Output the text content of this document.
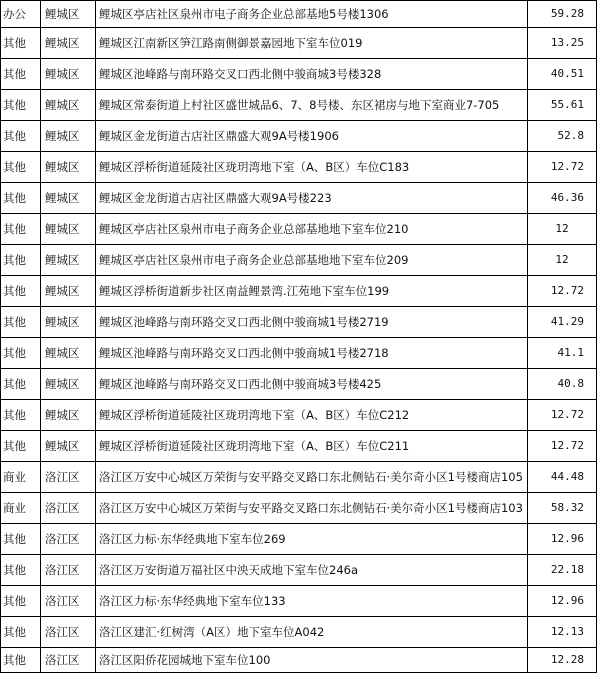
办公	鲤城区	鲤城区亭店社区泉州市电子商务企业总部基地5号楼1306	59.28
其他	鲤城区	鲤城区江南新区笋江路南侧御景嘉园地下室车位019	13.25
其他	鲤城区	鲤城区池峰路与南环路交叉口西北侧中骏商城3号楼328	40.51
其他	鲤城区	鲤城区常泰街道上村社区盛世城品6、7、8号楼、东区裙房与地下室商业7-705	55.61
其他	鲤城区	鲤城区金龙街道古店社区鼎盛大观9A号楼1906	52.8
其他	鲤城区	鲤城区浮桥街道延陵社区珑玥湾地下室（A、B区）车位C183	12.72
其他	鲤城区	鲤城区金龙街道古店社区鼎盛大观9A号楼223	46.36
其他	鲤城区	鲤城区亭店社区泉州市电子商务企业总部基地地下室车位210	12
其他	鲤城区	鲤城区亭店社区泉州市电子商务企业总部基地地下室车位209	12
其他	鲤城区	鲤城区浮桥街道新步社区南益鲤景湾.江苑地下室车位199	12.72
其他	鲤城区	鲤城区池峰路与南环路交叉口西北侧中骏商城1号楼2719	41.29
其他	鲤城区	鲤城区池峰路与南环路交叉口西北侧中骏商城1号楼2718	41.1
其他	鲤城区	鲤城区池峰路与南环路交叉口西北侧中骏商城3号楼425	40.8
其他	鲤城区	鲤城区浮桥街道延陵社区珑玥湾地下室（A、B区）车位C212	12.72
其他	鲤城区	鲤城区浮桥街道延陵社区珑玥湾地下室（A、B区）车位C211	12.72
商业	洛江区	洛江区万安中心城区万荣街与安平路交叉路口东北侧钻石·美尔奇小区1号楼商店105	44.48
商业	洛江区	洛江区万安中心城区万荣街与安平路交叉路口东北侧钻石·美尔奇小区1号楼商店103	58.32
其他	洛江区	洛江区力标·东华经典地下室车位269	12.96
其他	洛江区	洛江区万安街道万福社区中泱天成地下室车位246a	22.18
其他	洛江区	洛江区力标·东华经典地下室车位133	12.96
其他	洛江区	洛江区建汇·红树湾（A区）地下室车位A042	12.13
其他	洛江区	洛江区阳侨花园城地下室车位100	12.28
